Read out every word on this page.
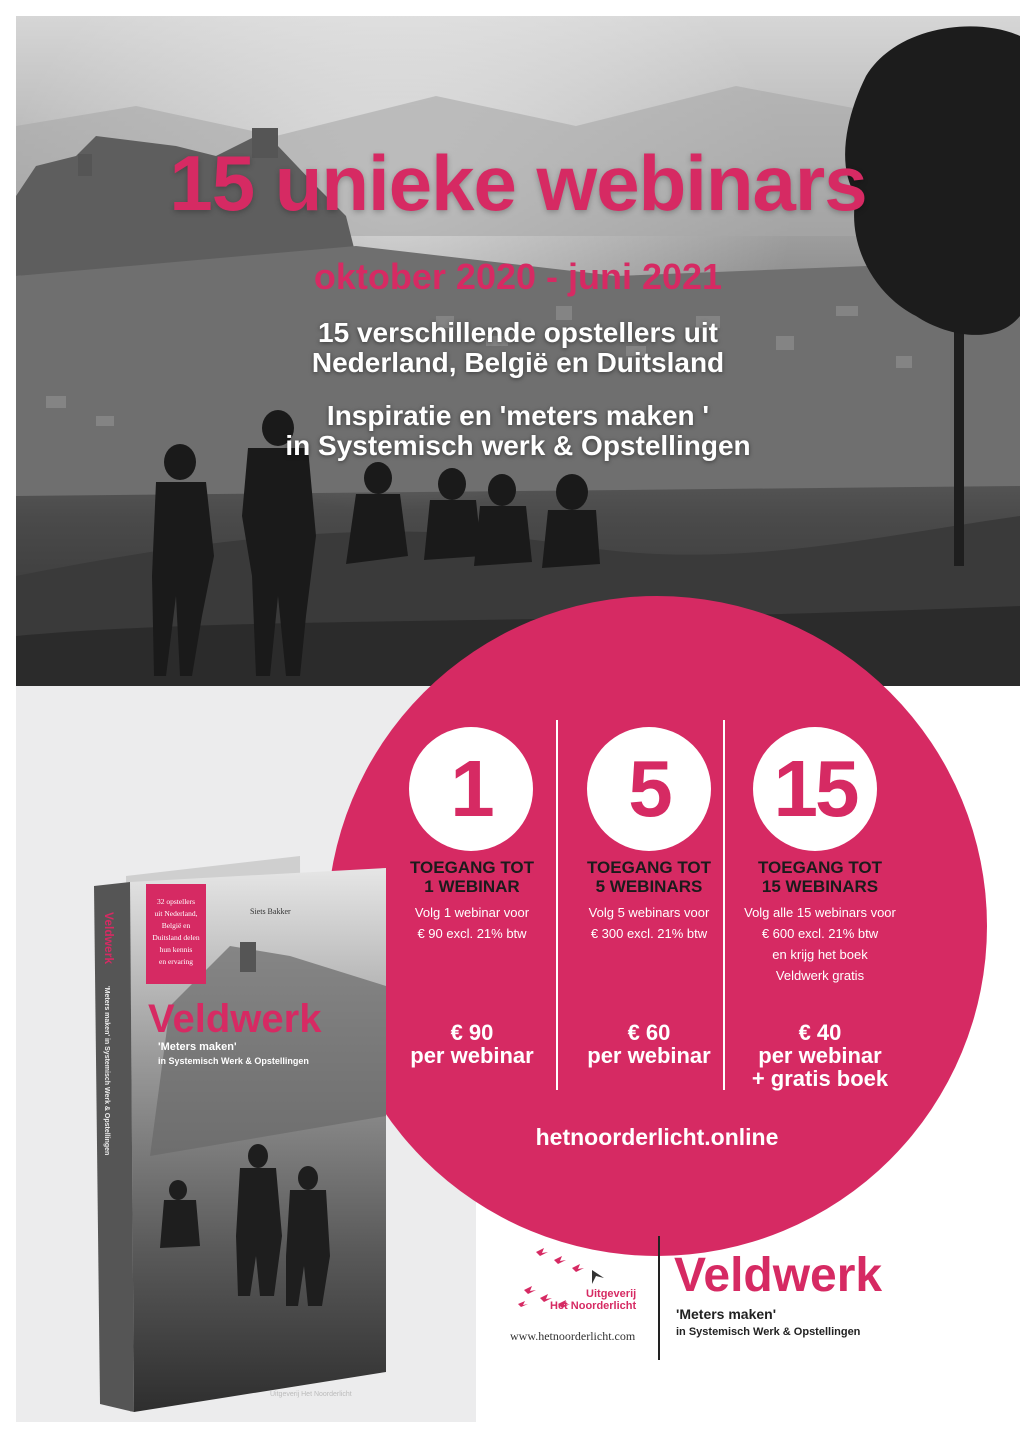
15 unieke webinars
oktober 2020 - juni 2021
15 verschillende opstellers uit
Nederland, België en Duitsland
Inspiratie en 'meters maken '
in Systemisch werk & Opstellingen
1
TOEGANG TOT
1 WEBINAR
Volg 1 webinar voor
€ 90 excl. 21% btw
€ 90
per webinar
5
TOEGANG TOT
5 WEBINARS
Volg 5 webinars voor
€ 300 excl. 21% btw
€ 60
per webinar
15
TOEGANG TOT
15 WEBINARS
Volg alle 15 webinars voor
€ 600 excl. 21% btw
en krijg het boek
Veldwerk gratis
€ 40
per webinar
+ gratis boek
hetnoorderlicht.online
32 opstellers
uit Nederland,
België en
Duitsland delen
hun kennis
en ervaring
Siets Bakker
Veldwerk
'Meters maken'
in Systemisch Werk & Opstellingen
Veldwerk
'Meters maken' in Systemisch Werk & Opstellingen
Uitgeverij Het Noorderlicht
Uitgeverij
Het Noorderlicht
www.hetnoorderlicht.com
Veldwerk
'Meters maken'
in Systemisch Werk & Opstellingen
